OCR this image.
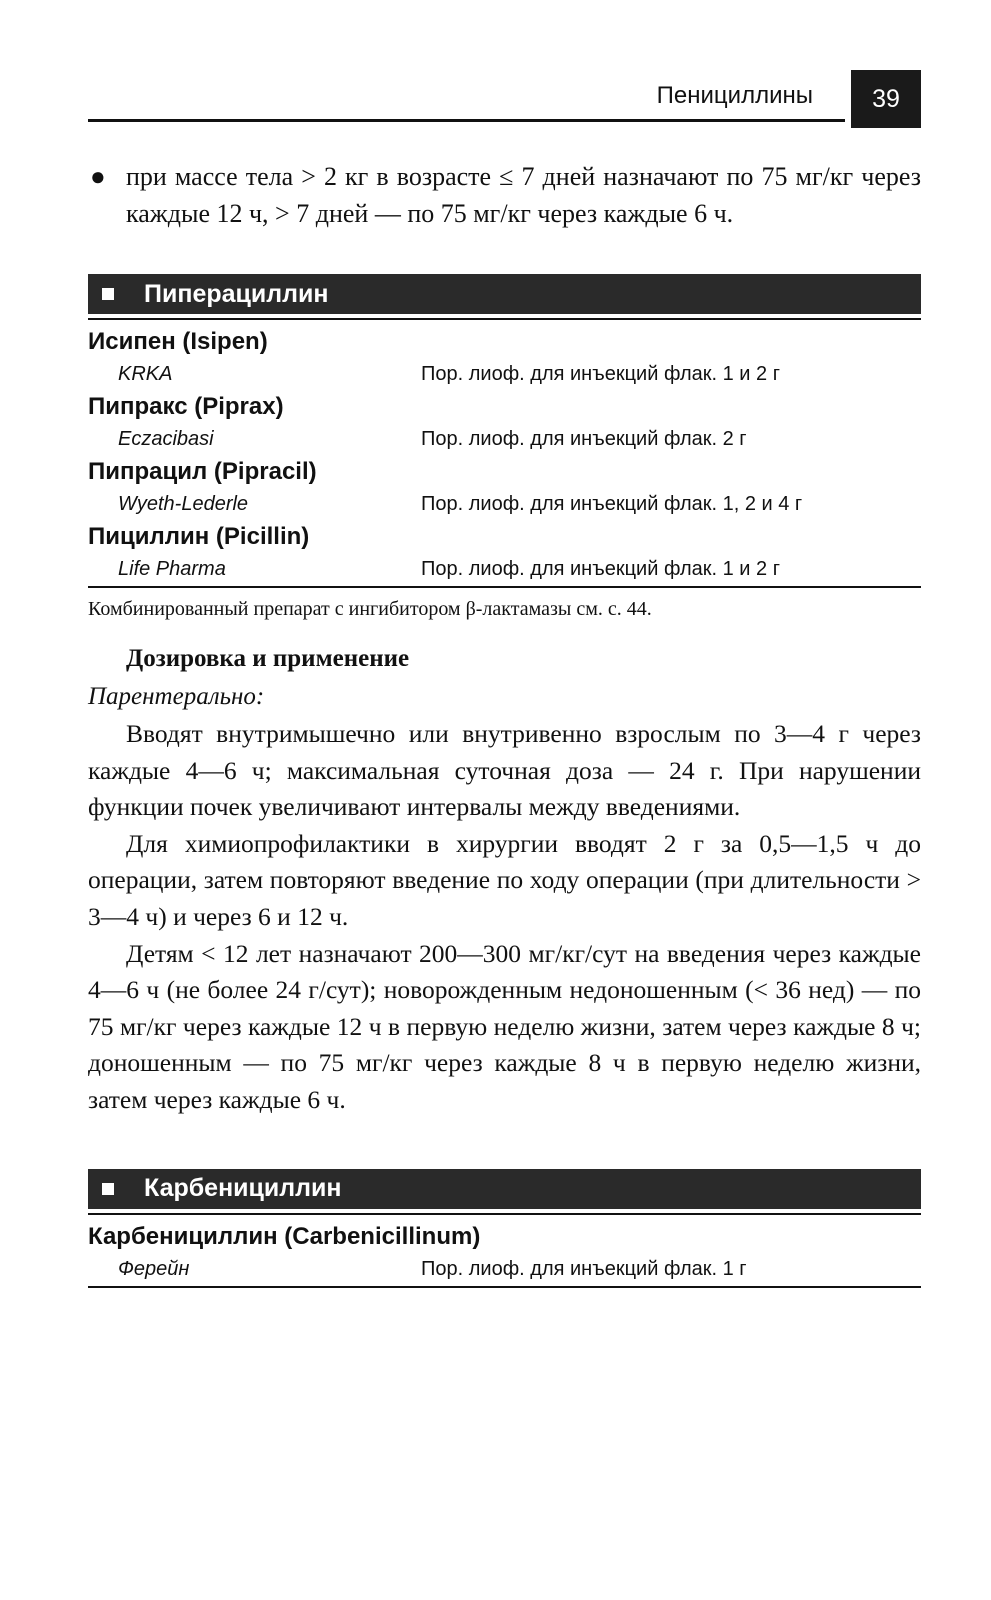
Пенициллины	39
● при массе тела > 2 кг в возрасте ≤ 7 дней назначают по 75 мг/кг через каждые 12 ч, > 7 дней — по 75 мг/кг через каждые 6 ч.
Пиперациллин
Исипен (Isipen)
KRKA	Пор. лиоф. для инъекций флак. 1 и 2 г
Пипракс (Piprax)
Eczacibasi	Пор. лиоф. для инъекций флак. 2 г
Пипрацил (Pipracil)
Wyeth-Lederle	Пор. лиоф. для инъекций флак. 1, 2 и 4 г
Пициллин (Picillin)
Life Pharma	Пор. лиоф. для инъекций флак. 1 и 2 г
Комбинированный препарат с ингибитором β-лактамазы см. с. 44.
Дозировка и применение
Парентерально:

Вводят внутримышечно или внутривенно взрослым по 3—4 г через каждые 4—6 ч; максимальная суточная доза — 24 г. При нарушении функции почек увеличивают интервалы между введениями.

Для химиопрофилактики в хирургии вводят 2 г за 0,5—1,5 ч до операции, затем повторяют введение по ходу операции (при длительности > 3—4 ч) и через 6 и 12 ч.

Детям < 12 лет назначают 200—300 мг/кг/сут на введения через каждые 4—6 ч (не более 24 г/сут); новорожденным недоношенным (< 36 нед) — по 75 мг/кг через каждые 12 ч в первую неделю жизни, затем через каждые 8 ч; доношенным — по 75 мг/кг через каждые 8 ч в первую неделю жизни, затем через каждые 6 ч.

Карбенициллин
Карбенициллин (Carbenicillinum)
Ферейн	Пор. лиоф. для инъекций флак. 1 г
